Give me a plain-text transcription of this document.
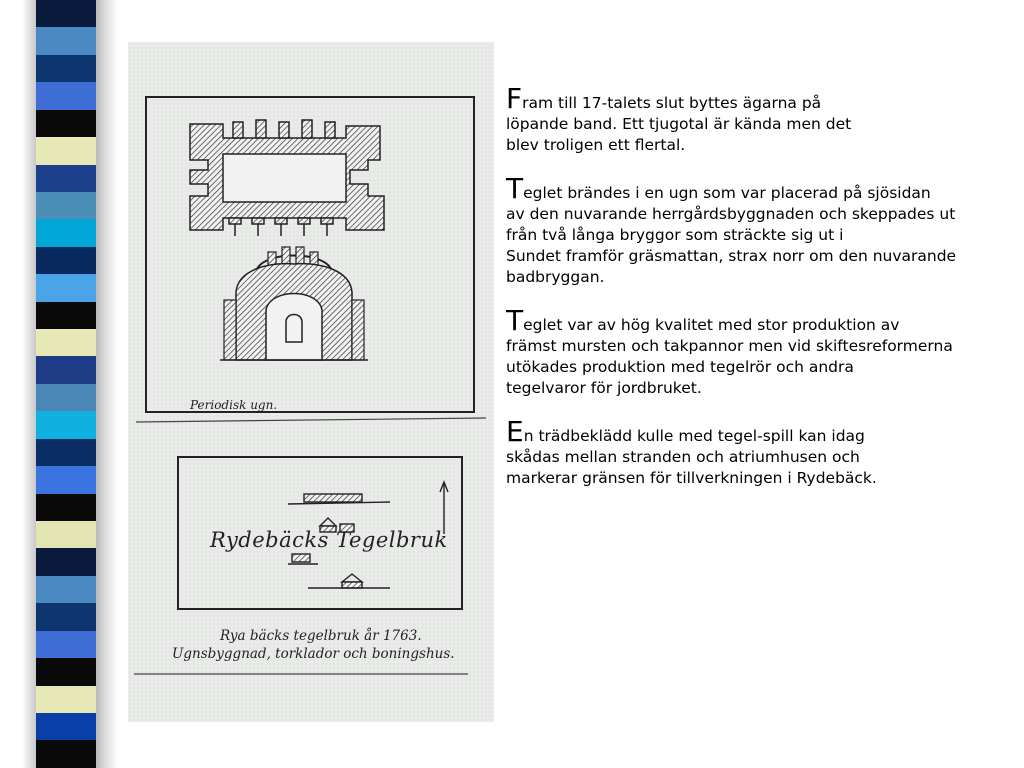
Periodisk ugn.
Rydebäcks Tegelbruk
Rya bäcks tegelbruk år 1763.
Ugnsbyggnad, torklador och boningshus.

Fram till 17-talets slut byttes ägarna på
löpande band. Ett tjugotal är kända men det
blev troligen ett flertal.

Teglet brändes i en ugn som var placerad på sjösidan
av den nuvarande herrgårdsbyggnaden och skeppades ut
från två långa bryggor som sträckte sig ut i
Sundet framför gräsmattan, strax norr om den nuvarande
badbryggan.

Teglet var av hög kvalitet med stor produktion av
främst mursten och takpannor men vid skiftesreformerna
utökades produktion med tegelrör och andra
tegelvaror för jordbruket.

En trädbeklädd kulle med tegel-spill kan idag
skådas mellan stranden och atriumhusen och
markerar gränsen för tillverkningen i Rydebäck.
